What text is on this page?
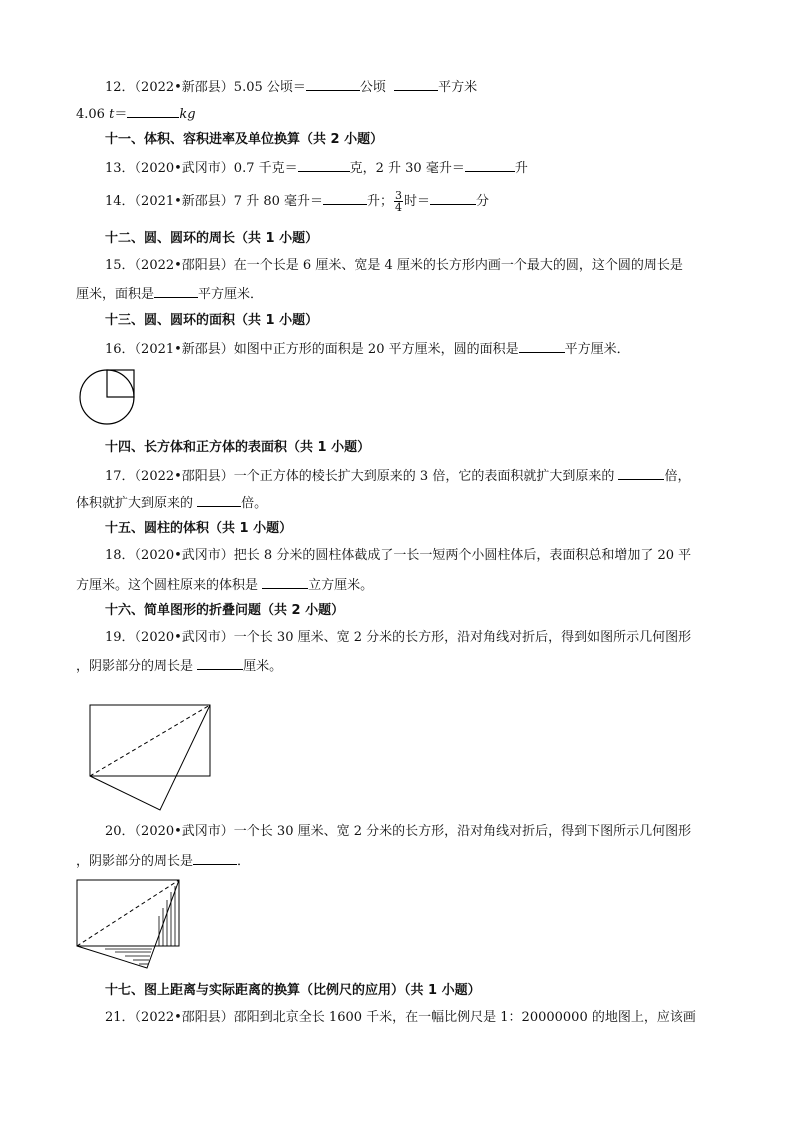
12．（2022•新邵县）5.05 公顷＝	公顷	平方米
4.06 t＝	kg
十一、体积、容积进率及单位换算（共 2 小题）
13．（2020•武冈市）0.7 千克＝	克，2 升 30 毫升＝	升
14．（2021•新邵县）7 升 80 毫升＝	升； $\frac{3}{4}$ 时＝	分
十二、圆、圆环的周长（共 1 小题）
15．（2022•邵阳县）在一个长是 6 厘米、宽是 4 厘米的长方形内画一个最大的圆，这个圆的周长是
厘米，面积是	平方厘米．
十三、圆、圆环的面积（共 1 小题）
16．（2021•新邵县）如图中正方形的面积是 20 平方厘米，圆的面积是	平方厘米．
十四、长方体和正方体的表面积（共 1 小题）
17．（2022•邵阳县）一个正方体的棱长扩大到原来的 3 倍，它的表面积就扩大到原来的	倍，
体积就扩大到原来的	倍。
十五、圆柱的体积（共 1 小题）
18．（2020•武冈市）把长 8 分米的圆柱体截成了一长一短两个小圆柱体后，表面积总和增加了 20 平
方厘米。这个圆柱原来的体积是	立方厘米。
十六、简单图形的折叠问题（共 2 小题）
19．（2020•武冈市）一个长 30 厘米、宽 2 分米的长方形，沿对角线对折后，得到如图所示几何图形
，阴影部分的周长是	厘米。
20．（2020•武冈市）一个长 30 厘米、宽 2 分米的长方形，沿对角线对折后，得到下图所示几何图形
，阴影部分的周长是	．
十七、图上距离与实际距离的换算（比例尺的应用）（共 1 小题）
21．（2022•邵阳县）邵阳到北京全长 1600 千米，在一幅比例尺是 1：20000000 的地图上，应该画
